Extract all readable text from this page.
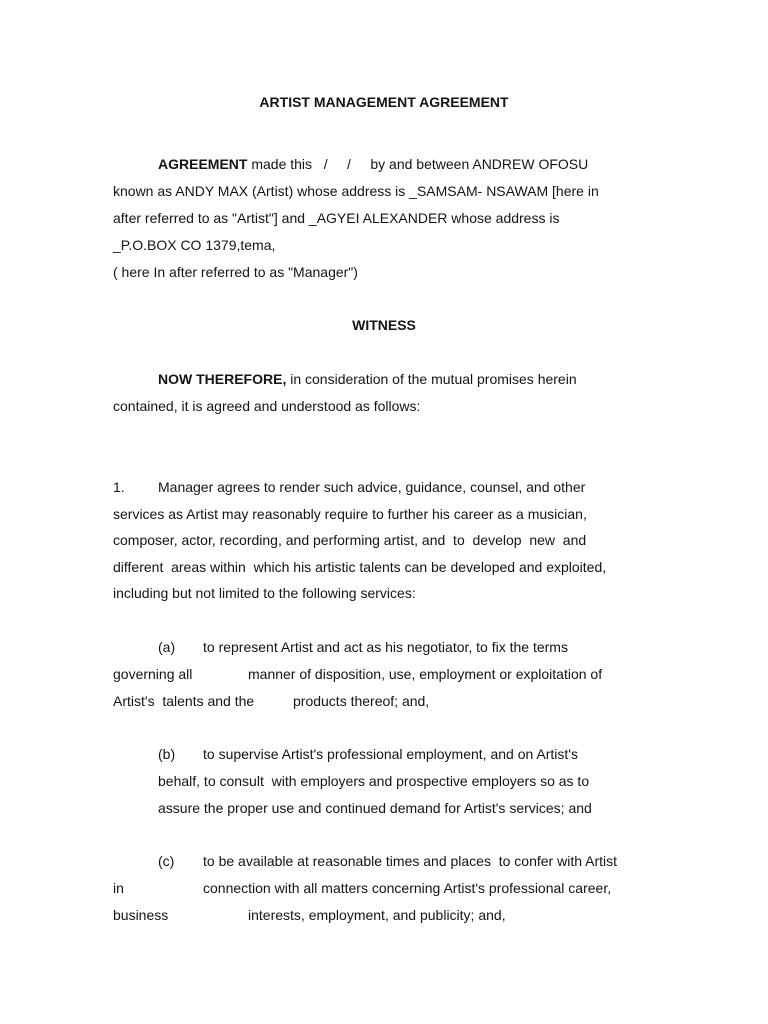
ARTIST MANAGEMENT AGREEMENT
AGREEMENT made this   /     /     by and between ANDREW OFOSU
known as ANDY MAX (Artist) whose address is _SAMSAM- NSAWAM [here in
after referred to as "Artist"] and _AGYEI ALEXANDER whose address is
_P.O.BOX CO 1379,tema,
( here In after referred to as "Manager")
WITNESS
NOW THEREFORE, in consideration of the mutual promises herein
contained, it is agreed and understood as follows:
1. Manager agrees to render such advice, guidance, counsel, and other
services as Artist may reasonably require to further his career as a musician,
composer, actor, recording, and performing artist, and  to  develop  new  and
different  areas within  which his artistic talents can be developed and exploited,
including but not limited to the following services:
(a) to represent Artist and act as his negotiator, to fix the terms
governing all	manner of disposition, use, employment or exploitation of
Artist's  talents and the	products thereof; and,
(b) to supervise Artist's professional employment, and on Artist's
behalf, to consult  with employers and prospective employers so as to
assure the proper use and continued demand for Artist's services; and
(c) to be available at reasonable times and places  to confer with Artist
in	connection with all matters concerning Artist's professional career,
business	interests, employment, and publicity; and,
